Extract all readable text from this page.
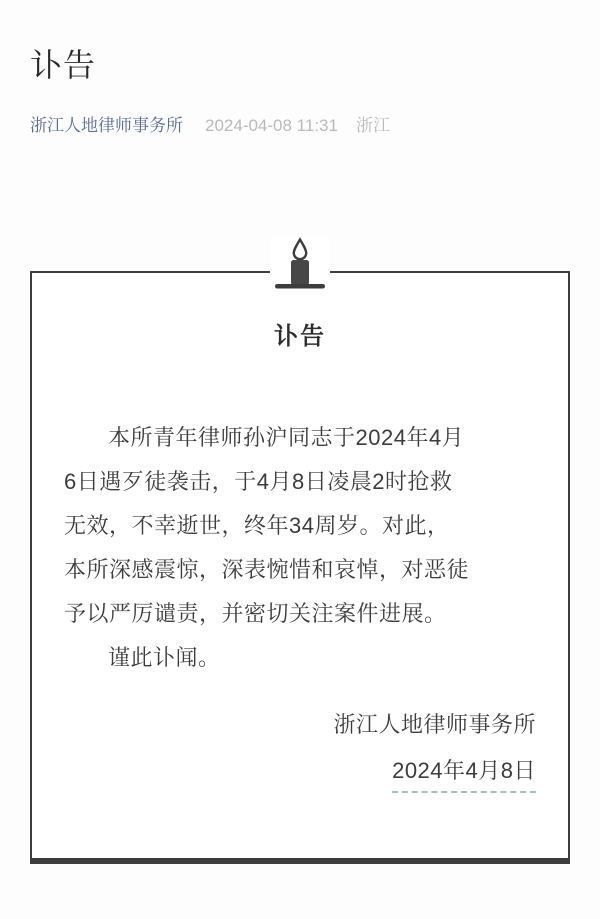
讣告
浙江人地律师事务所 2024-04-08 11:31 浙江
讣告
本所青年律师孙沪同志于2024年4月
6日遇歹徒袭击，于4月8日凌晨2时抢救
无效，不幸逝世，终年34周岁。对此，
本所深感震惊，深表惋惜和哀悼，对恶徒
予以严厉谴责，并密切关注案件进展。
谨此讣闻。
浙江人地律师事务所
2024年4月8日
